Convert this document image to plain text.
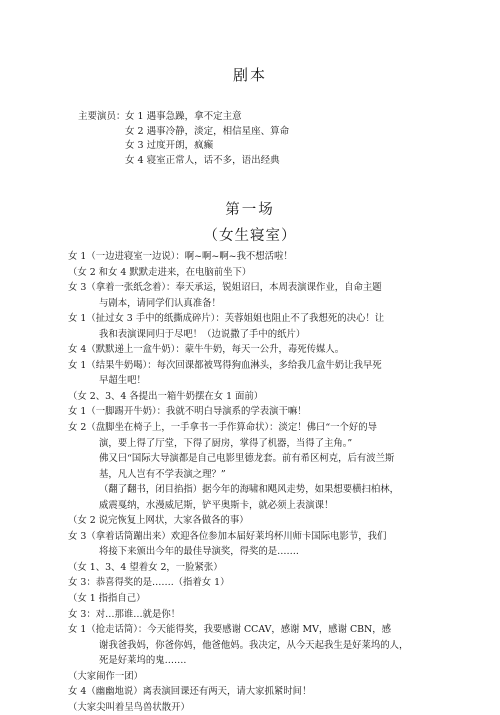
剧本
主要演员： 女 1 遇事急躁，拿不定主意
女 2 遇事冷静，淡定，相信星座、算命
女 3 过度开朗，疯癫
女 4 寝室正常人，话不多，语出经典
第一场
（女生寝室）
女 1（一边进寝室一边说）：啊~啊~啊~我不想活啦！
（女 2 和女 4 默默走进来，在电脑前坐下）
女 3（拿着一张纸念着）：奉天承运，锐姐诏曰，本周表演课作业，自命主题
与剧本，请同学们认真准备！
女 1（扯过女 3 手中的纸撕成碎片）：芙蓉姐姐也阻止不了我想死的决心！让
我和表演课同归于尽吧！（边说撒了手中的纸片）
女 4（默默递上一盒牛奶）：蒙牛牛奶，每天一公升，毒死传媒人。
女 1（结果牛奶喝）：每次回课都被骂得狗血淋头，多给我几盒牛奶让我早死
早超生吧！
（女 2、3、4 各提出一箱牛奶摆在女 1 面前）
女 1（一脚踢开牛奶）：我就不明白导演系的学表演干嘛！
女 2（盘脚坐在椅子上，一手拿书一手作算命状）：淡定！佛曰“一个好的导
演，要上得了厅堂，下得了厨房，掌得了机器，当得了主角。”
佛又曰“国际大导演都是自己电影里德龙套。前有希区柯克，后有波兰斯
基，凡人岂有不学表演之理？”
（翻了翻书，闭目掐指）据今年的海啸和飓风走势，如果想要横扫柏林，
威震戛纳，水漫威尼斯，铲平奥斯卡，就必须上表演课！
（女 2 说完恢复上网状，大家各做各的事）
女 3（拿着话筒蹦出来）欢迎各位参加本届好莱坞杯川师卡国际电影节，我们
将接下来颁出今年的最佳导演奖，得奖的是…….
（女 1、3、4 望着女 2，一脸紧张）
女 3：恭喜得奖的是…….（指着女 1）
（女 1 指指自己）
女 3：对…那谁…就是你！
女 1（抢走话筒）：今天能得奖，我要感谢 CCAV，感谢 MV，感谢 CBN，感
谢我爸我妈，你爸你妈，他爸他妈。我决定，从今天起我生是好莱坞的人，
死是好莱坞的鬼…….
（大家闹作一团）
女 4（幽幽地说）离表演回课还有两天，请大家抓紧时间！
（大家尖叫着呈鸟兽状散开）
